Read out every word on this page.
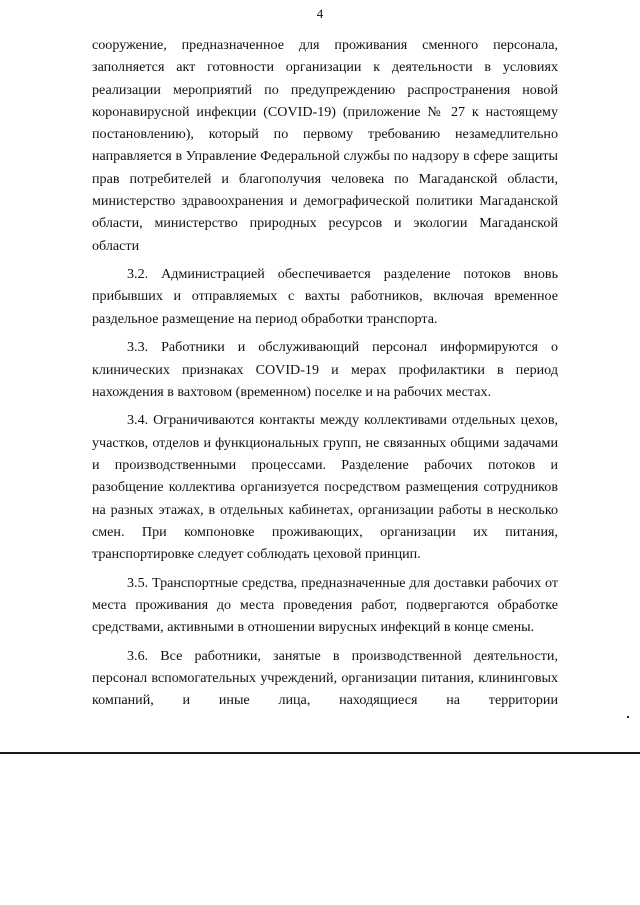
4

сооружение, предназначенное для проживания сменного персонала, заполняется акт готовности организации к деятельности в условиях реализации мероприятий по предупреждению распространения новой коронавирусной инфекции (COVID-19) (приложение № 27 к настоящему постановлению), который по первому требованию незамедлительно направляется в Управление Федеральной службы по надзору в сфере защиты прав потребителей и благополучия человека по Магаданской области, министерство здравоохранения и демографической политики Магаданской области, министерство природных ресурсов и экологии Магаданской области

3.2. Администрацией обеспечивается разделение потоков вновь прибывших и отправляемых с вахты работников, включая временное раздельное размещение на период обработки транспорта.

3.3. Работники и обслуживающий персонал информируются о клинических признаках COVID-19 и мерах профилактики в период нахождения в вахтовом (временном) поселке и на рабочих местах.

3.4. Ограничиваются контакты между коллективами отдельных цехов, участков, отделов и функциональных групп, не связанных общими задачами и производственными процессами. Разделение рабочих потоков и разобщение коллектива организуется посредством размещения сотрудников на разных этажах, в отдельных кабинетах, организации работы в несколько смен. При компоновке проживающих, организации их питания, транспортировке следует соблюдать цеховой принцип.

3.5. Транспортные средства, предназначенные для доставки рабочих от места проживания до места проведения работ, подвергаются обработке средствами, активными в отношении вирусных инфекций в конце смены.

3.6. Все работники, занятые в производственной деятельности, персонал вспомогательных учреждений, организации питания, клининговых компаний, и иные лица, находящиеся на территории
